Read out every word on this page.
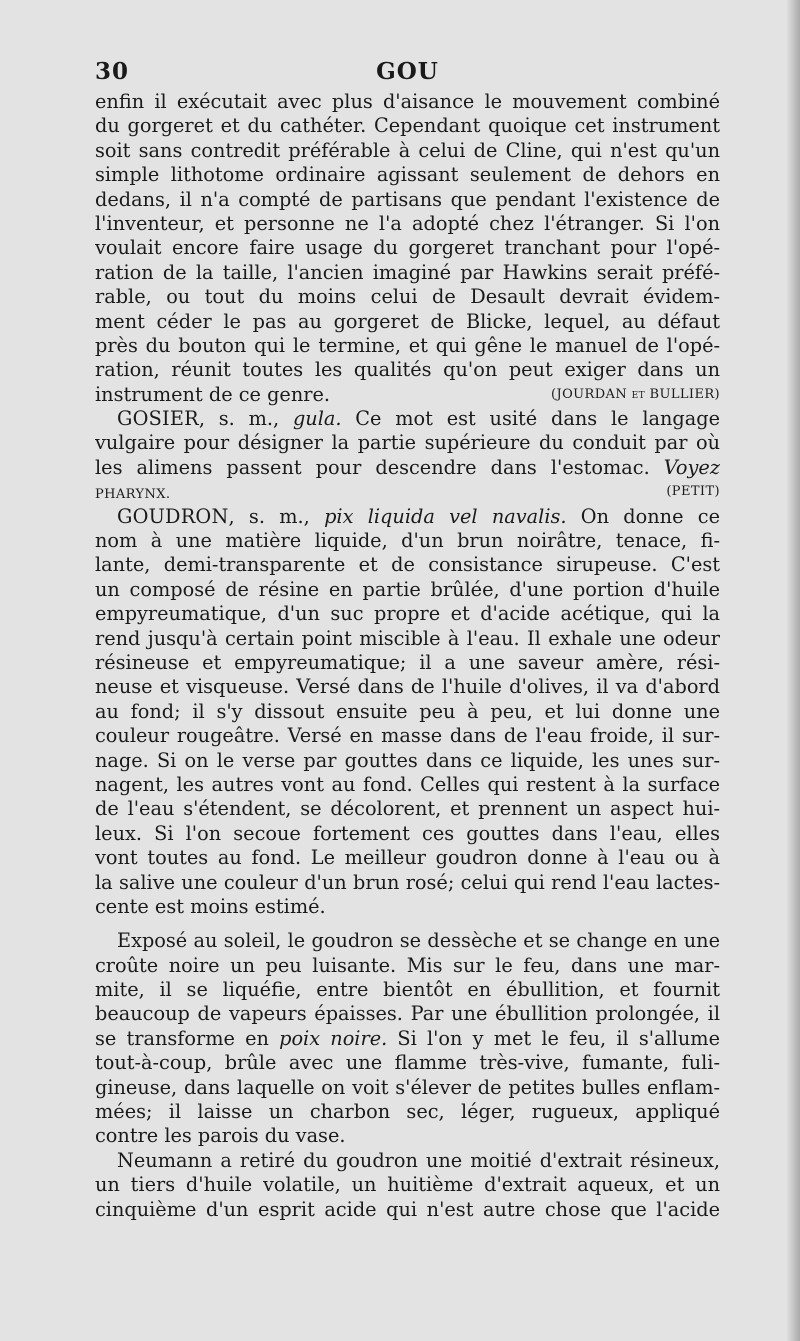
30	GOU
enfin il exécutait avec plus d'aisance le mouvement combiné
du gorgeret et du cathéter. Cependant quoique cet instrument
soit sans contredit préférable à celui de Cline, qui n'est qu'un
simple lithotome ordinaire agissant seulement de dehors en
dedans, il n'a compté de partisans que pendant l'existence de
l'inventeur, et personne ne l'a adopté chez l'étranger. Si l'on
voulait encore faire usage du gorgeret tranchant pour l'opé-
ration de la taille, l'ancien imaginé par Hawkins serait préfé-
rable, ou tout du moins celui de Desault devrait évidem-
ment céder le pas au gorgeret de Blicke, lequel, au défaut
près du bouton qui le termine, et qui gêne le manuel de l'opé-
ration, réunit toutes les qualités qu'on peut exiger dans un
instrument de ce genre.	(JOURDAN et BULLIER)
GOSIER, s. m., gula. Ce mot est usité dans le langage
vulgaire pour désigner la partie supérieure du conduit par où
les alimens passent pour descendre dans l'estomac. Voyez
PHARYNX.	(PETIT)
GOUDRON, s. m., pix liquida vel navalis. On donne ce
nom à une matière liquide, d'un brun noirâtre, tenace, fi-
lante, demi-transparente et de consistance sirupeuse. C'est
un composé de résine en partie brûlée, d'une portion d'huile
empyreumatique, d'un suc propre et d'acide acétique, qui la
rend jusqu'à certain point miscible à l'eau. Il exhale une odeur
résineuse et empyreumatique; il a une saveur amère, rési-
neuse et visqueuse. Versé dans de l'huile d'olives, il va d'abord
au fond; il s'y dissout ensuite peu à peu, et lui donne une
couleur rougeâtre. Versé en masse dans de l'eau froide, il sur-
nage. Si on le verse par gouttes dans ce liquide, les unes sur-
nagent, les autres vont au fond. Celles qui restent à la surface
de l'eau s'étendent, se décolorent, et prennent un aspect hui-
leux. Si l'on secoue fortement ces gouttes dans l'eau, elles
vont toutes au fond. Le meilleur goudron donne à l'eau ou à
la salive une couleur d'un brun rosé; celui qui rend l'eau lactes-
cente est moins estimé.
Exposé au soleil, le goudron se dessèche et se change en une
croûte noire un peu luisante. Mis sur le feu, dans une mar-
mite, il se liquéfie, entre bientôt en ébullition, et fournit
beaucoup de vapeurs épaisses. Par une ébullition prolongée, il
se transforme en poix noire. Si l'on y met le feu, il s'allume
tout-à-coup, brûle avec une flamme très-vive, fumante, fuli-
gineuse, dans laquelle on voit s'élever de petites bulles enflam-
mées; il laisse un charbon sec, léger, rugueux, appliqué
contre les parois du vase.
Neumann a retiré du goudron une moitié d'extrait résineux,
un tiers d'huile volatile, un huitième d'extrait aqueux, et un
cinquième d'un esprit acide qui n'est autre chose que l'acide
